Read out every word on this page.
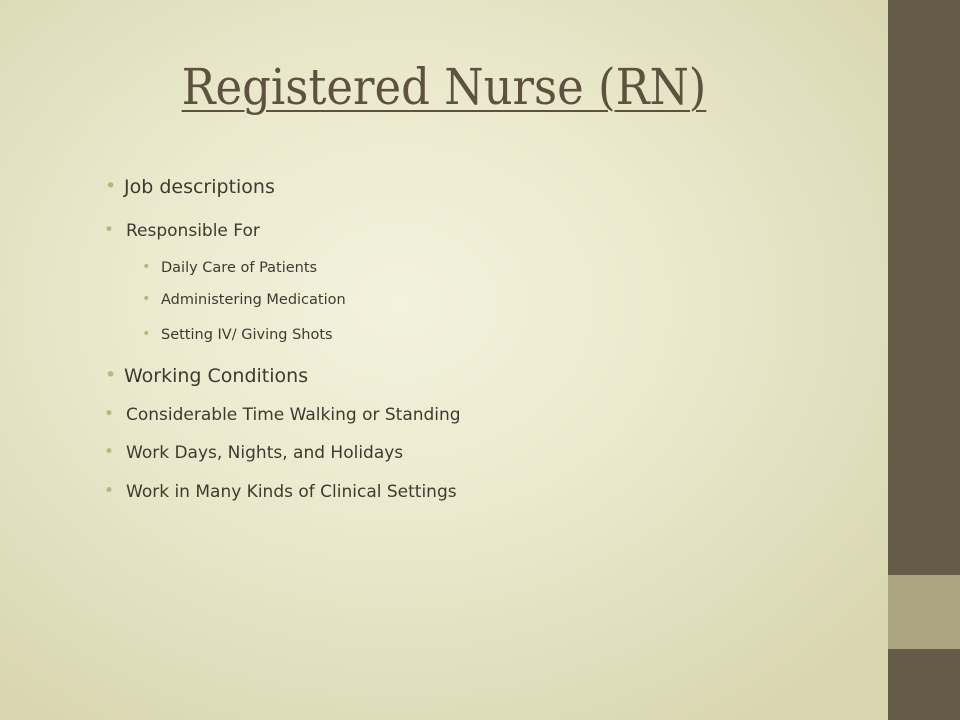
Registered Nurse (RN)
• Job descriptions
• Responsible For
• Daily Care of Patients
• Administering Medication
• Setting IV/ Giving Shots
• Working Conditions
• Considerable Time Walking or Standing
• Work Days, Nights, and Holidays
• Work in Many Kinds of Clinical Settings
